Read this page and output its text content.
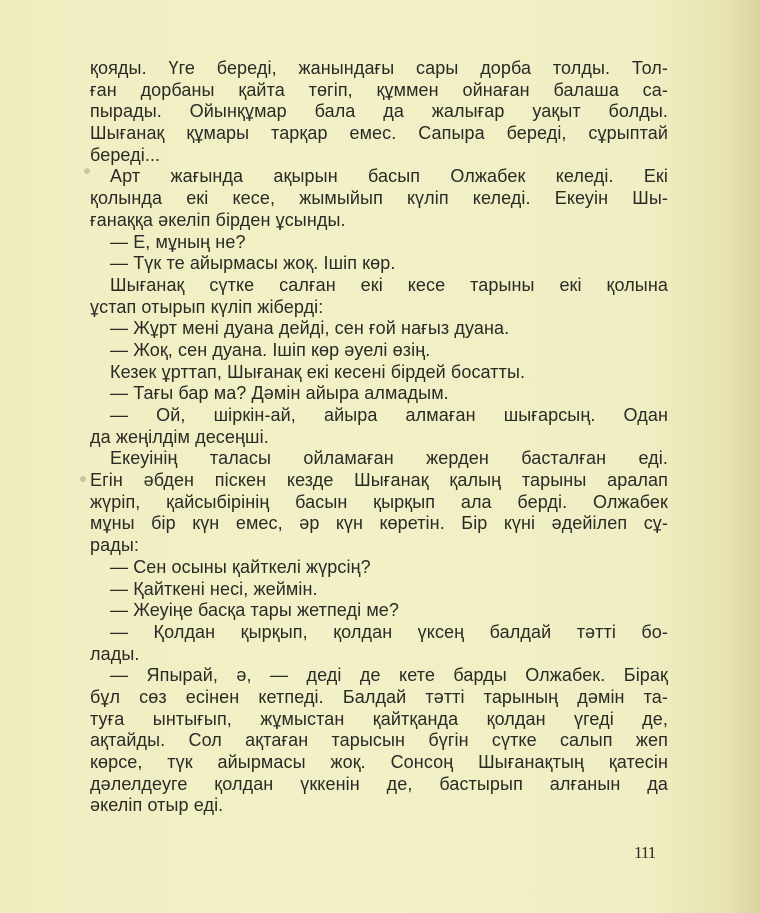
қояды. Үге береді, жанындағы сары дорба толды. Тол-
ған дорбаны қайта төгіп, құммен ойнаған балаша са-
пырады. Ойынқұмар бала да жалығар уақыт болды.
Шығанақ құмары тарқар емес. Сапыра береді, сұрыптай
береді...
Арт жағында ақырын басып Олжабек келеді. Екі
қолында екі кесе, жымыйып күліп келеді. Екеуін Шы-
ғанаққа әкеліп бірден ұсынды.
— Е, мұның не?
— Түк те айырмасы жоқ. Ішіп көр.
Шығанақ сүтке салған екі кесе тарыны екі қолына
ұстап отырып күліп жіберді:
— Жұрт мені дуана дейді, сен ғой нағыз дуана.
— Жоқ, сен дуана. Ішіп көр әуелі өзің.
Кезек ұрттап, Шығанақ екі кесені бірдей босатты.
— Тағы бар ма? Дәмін айыра алмадым.
— Ой, шіркін-ай, айыра алмаған шығарсың. Одан
да жеңілдім десеңші.
Екеуінің таласы ойламаған жерден басталған еді.
Егін әбден піскен кезде Шығанақ қалың тарыны аралап
жүріп, қайсыбірінің басын қырқып ала берді. Олжабек
мұны бір күн емес, әр күн көретін. Бір күні әдейілеп сұ-
рады:
— Сен осыны қайткелі жүрсің?
— Қайткені несі, жеймін.
— Жеуіңе басқа тары жетпеді ме?
— Қолдан қырқып, қолдан үксең балдай тәтті бо-
лады.
— Япырай, ә, — деді де кете барды Олжабек. Бірақ
бұл сөз есінен кетпеді. Балдай тәтті тарының дәмін та-
туға ынтығып, жұмыстан қайтқанда қолдан үгеді де,
ақтайды. Сол ақтаған тарысын бүгін сүтке салып жеп
көрсе, түк айырмасы жоқ. Сонсоң Шығанақтың қатесін
дәлелдеуге қолдан үккенін де, бастырып алғанын да
әкеліп отыр еді.
111
